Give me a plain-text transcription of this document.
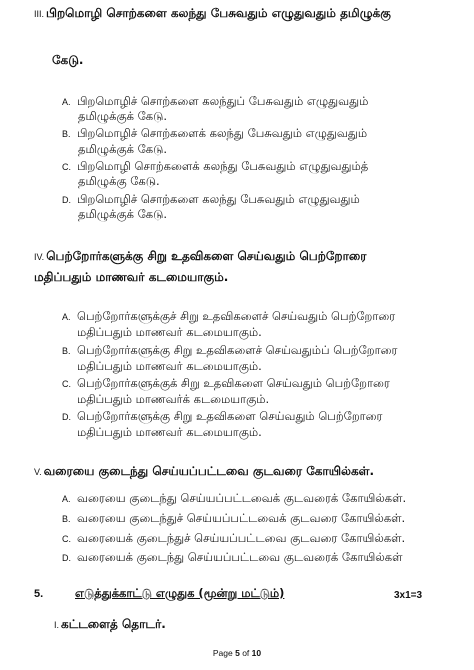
III. பிறமொழி சொற்களை கலந்து பேசுவதும் எழுதுவதும் தமிழுக்கு
கேடு.
A. பிறமொழிச் சொற்களை கலந்துப் பேசுவதும் எழுதுவதும்
தமிழுக்குக் கேடு.
B. பிறமொழிச் சொற்களைக் கலந்து பேசுவதும் எழுதுவதும்
தமிழுக்குக் கேடு.
C. பிறமொழி சொற்களைக் கலந்து பேசுவதும் எழுதுவதும்த்
தமிழுக்கு கேடு.
D. பிறமொழிச் சொற்களை கலந்து பேசுவதும் எழுதுவதும்
தமிழுக்குக் கேடு.
IV. பெற்றோர்களுக்கு சிறு உதவிகளை செய்வதும் பெற்றோரை
மதிப்பதும் மாணவர் கடமையாகும்.
A. பெற்றோர்களுக்குச் சிறு உதவிகளைச் செய்வதும் பெற்றோரை
மதிப்பதும் மாணவர் கடமையாகும்.
B. பெற்றோர்களுக்கு சிறு உதவிகளைச் செய்வதும்ப் பெற்றோரை
மதிப்பதும் மாணவர் கடமையாகும்.
C. பெற்றோர்களுக்குக் சிறு உதவிகளை செய்வதும் பெற்றோரை
மதிப்பதும் மாணவர்க் கடமையாகும்.
D. பெற்றோர்களுக்கு சிறு உதவிகளை செய்வதும் பெற்றோரை
மதிப்பதும் மாணவர் கடமையாகும்.
V. வரையை குடைந்து செய்யப்பட்டவை குடவரை கோயில்கள்.
A. வரையை குடைந்து செய்யப்பட்டவைக் குடவரைக் கோயில்கள்.
B. வரையை குடைந்துச் செய்யப்பட்டவைக் குடவரை கோயில்கள்.
C. வரையைக் குடைந்துச் செய்யப்பட்டவை குடவரை கோயில்கள்.
D. வரையைக் குடைந்து செய்யப்பட்டவை குடவரைக் கோயில்கள்
5.	எடுத்துக்காட்டு எழுதுக (மூன்று மட்டும்)	3x1=3
I. கட்டளைத் தொடர்.
Page 5 of 10
